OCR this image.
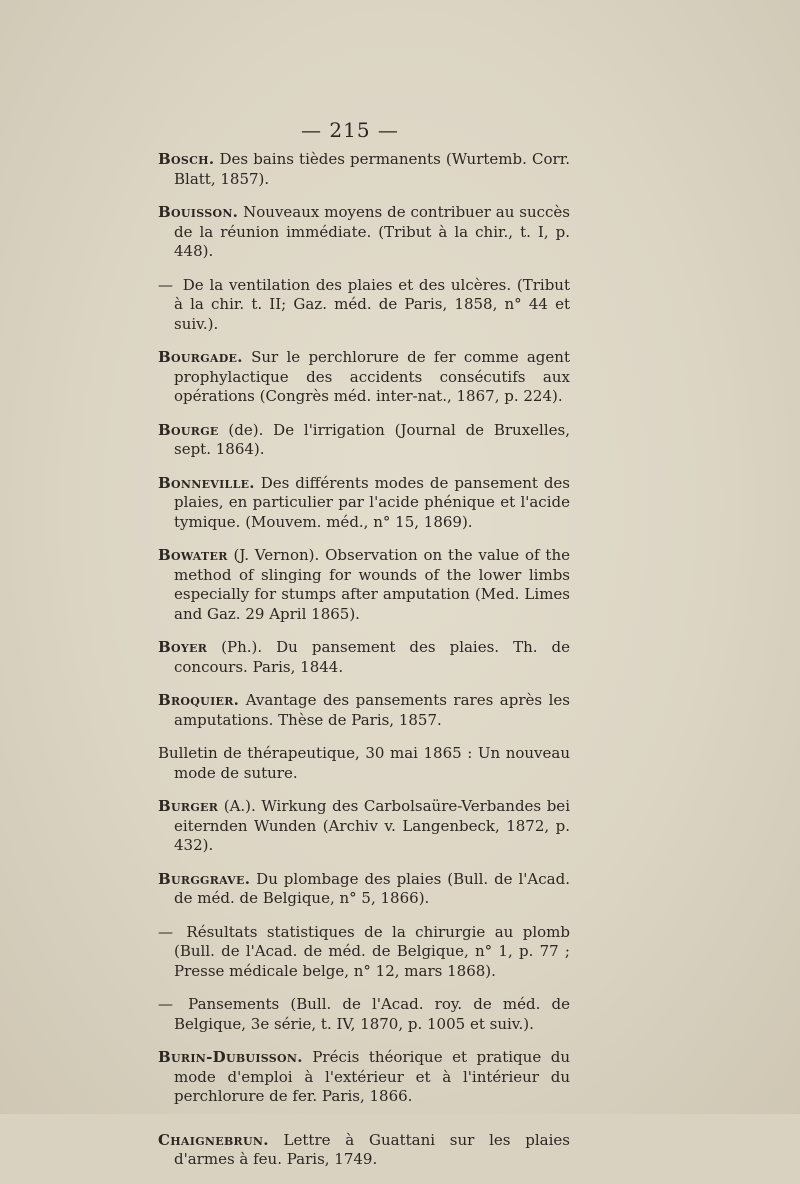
— 215 —

Bosch. Des bains tièdes permanents (Wurtemb. Corr. Blatt, 1857).

Bouisson. Nouveaux moyens de contribuer au succès de la réunion immédiate. (Tribut à la chir., t. I, p. 448).

— De la ventilation des plaies et des ulcères. (Tribut à la chir. t. II; Gaz. méd. de Paris, 1858, n° 44 et suiv.).

Bourgade. Sur le perchlorure de fer comme agent prophylactique des accidents consécutifs aux opérations (Congrès méd. inter-nat., 1867, p. 224).

Bourge (de). De l'irrigation (Journal de Bruxelles, sept. 1864).

Bonneville. Des différents modes de pansement des plaies, en particulier par l'acide phénique et l'acide tymique. (Mouvem. méd., n° 15, 1869).

Bowater (J. Vernon). Observation on the value of the method of slinging for wounds of the lower limbs especially for stumps after amputation (Med. Limes and Gaz. 29 April 1865).

Boyer (Ph.). Du pansement des plaies. Th. de concours. Paris, 1844.

Broquier. Avantage des pansements rares après les amputations. Thèse de Paris, 1857.

Bulletin de thérapeutique, 30 mai 1865 : Un nouveau mode de suture.

Burger (A.). Wirkung des Carbolsaüre-Verbandes bei eiternden Wunden (Archiv v. Langenbeck, 1872, p. 432).

Burggrave. Du plombage des plaies (Bull. de l'Acad. de méd. de Belgique, n° 5, 1866).

— Résultats statistiques de la chirurgie au plomb (Bull. de l'Acad. de méd. de Belgique, n° 1, p. 77 ; Presse médicale belge, n° 12, mars 1868).

— Pansements (Bull. de l'Acad. roy. de méd. de Belgique, 3e série, t. IV, 1870, p. 1005 et suiv.).

Burin-Dubuisson. Précis théorique et pratique du mode d'emploi à l'extérieur et à l'intérieur du perchlorure de fer. Paris, 1866.

Chaignebrun. Lettre à Guattani sur les plaies d'armes à feu. Paris, 1749.
